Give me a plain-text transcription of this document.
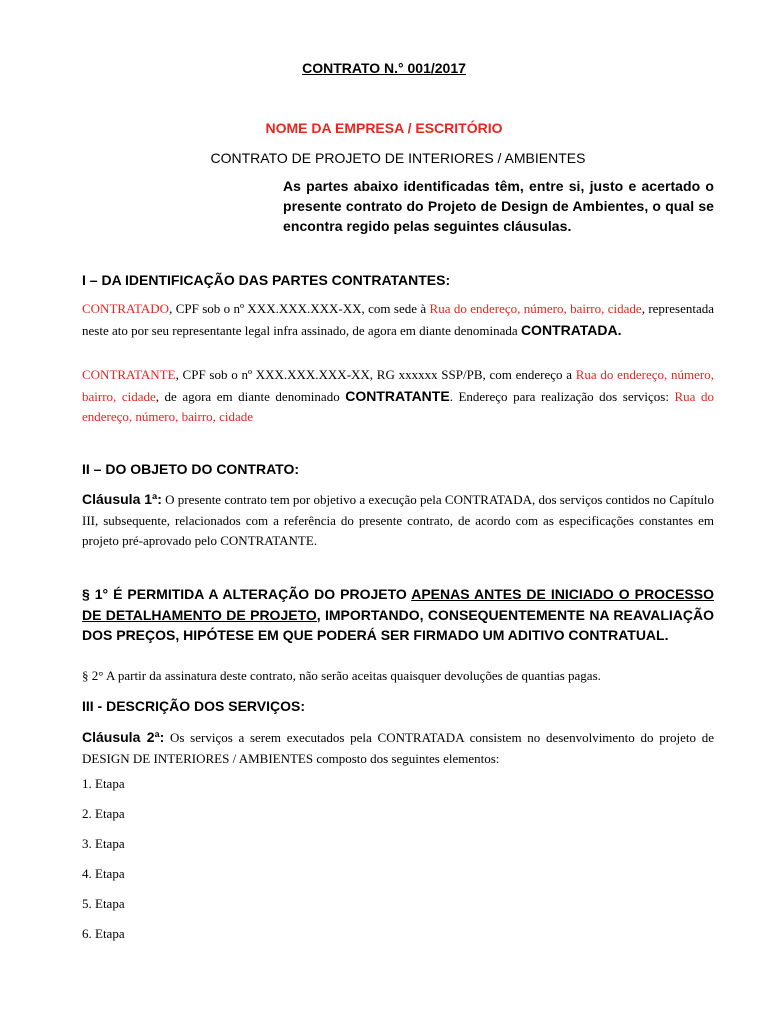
CONTRATO N.° 001/2017
NOME DA EMPRESA / ESCRITÓRIO
CONTRATO DE PROJETO DE INTERIORES / AMBIENTES
As partes abaixo identificadas têm, entre si, justo e acertado o presente contrato do Projeto de Design de Ambientes, o qual se encontra regido pelas seguintes cláusulas.
I – DA IDENTIFICAÇÃO DAS PARTES CONTRATANTES:
CONTRATADO, CPF sob o nº XXX.XXX.XXX-XX, com sede à Rua do endereço, número, bairro, cidade, representada neste ato por seu representante legal infra assinado, de agora em diante denominada CONTRATADA.
CONTRATANTE, CPF sob o nº XXX.XXX.XXX-XX, RG xxxxxx SSP/PB, com endereço a Rua do endereço, número, bairro, cidade, de agora em diante denominado CONTRATANTE. Endereço para realização dos serviços: Rua do endereço, número, bairro, cidade
II – DO OBJETO DO CONTRATO:
Cláusula 1ª: O presente contrato tem por objetivo a execução pela CONTRATADA, dos serviços contidos no Capítulo III, subsequente, relacionados com a referência do presente contrato, de acordo com as especificações constantes em projeto pré-aprovado pelo CONTRATANTE.
§ 1° É PERMITIDA A ALTERAÇÃO DO PROJETO APENAS ANTES DE INICIADO O PROCESSO DE DETALHAMENTO DE PROJETO, IMPORTANDO, CONSEQUENTEMENTE NA REAVALIAÇÃO DOS PREÇOS, HIPÓTESE EM QUE PODERÁ SER FIRMADO UM ADITIVO CONTRATUAL.
§ 2° A partir da assinatura deste contrato, não serão aceitas quaisquer devoluções de quantias pagas.
III - DESCRIÇÃO DOS SERVIÇOS:
Cláusula 2ª: Os serviços a serem executados pela CONTRATADA consistem no desenvolvimento do projeto de DESIGN DE INTERIORES / AMBIENTES composto dos seguintes elementos:
1. Etapa
2. Etapa
3. Etapa
4. Etapa
5. Etapa
6. Etapa
